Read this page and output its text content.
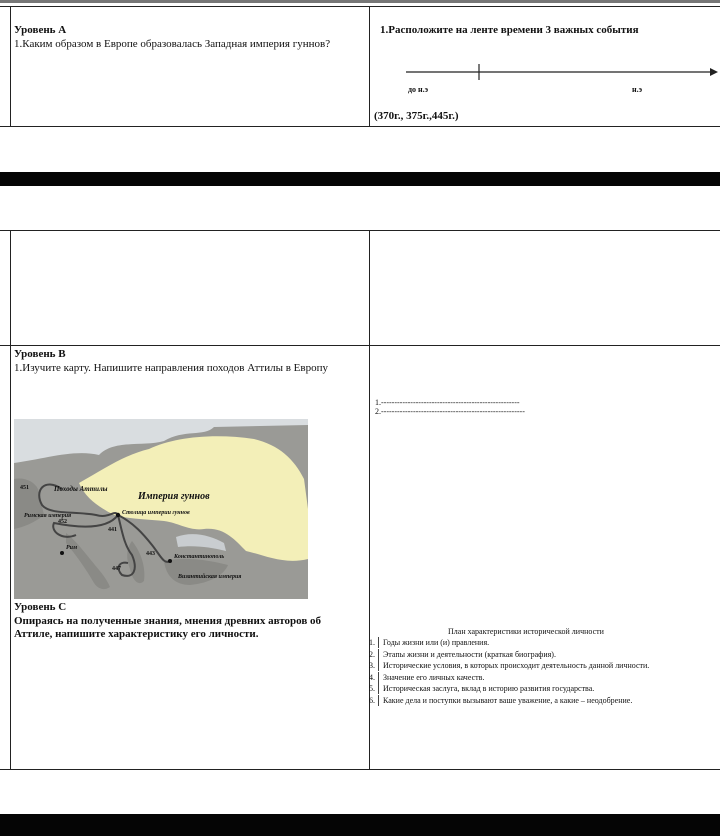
Уровень А
1.Каким образом в Европе образовалась Западная империя гуннов?
1.Расположите на ленте времени 3 важных события
до н.э	н.э
(370г., 375г.,445г.)
Уровень В
1.Изучите карту. Напишите направления походов Аттилы в Европу
1.----------------------------------------------------
2.------------------------------------------------------
Походы Аттилы
Империя гуннов
Римская империя	Столица империи гуннов
Рим
Константинополь
Византийская империя
451
452
441
443
447
Уровень С
Опираясь на полученные знания, мнения древних авторов об Аттиле, напишите характеристику его личности.	План характеристики исторической личности
1. Годы жизни или (и) правления.
2. Этапы жизни и деятельности (краткая биография).
3. Исторические условия, в которых происходит деятельность данной личности.
4. Значение его личных качеств.
5. Историческая заслуга, вклад в историю развития государства.
6. Какие дела и поступки вызывают ваше уважение, а какие – неодобрение.
